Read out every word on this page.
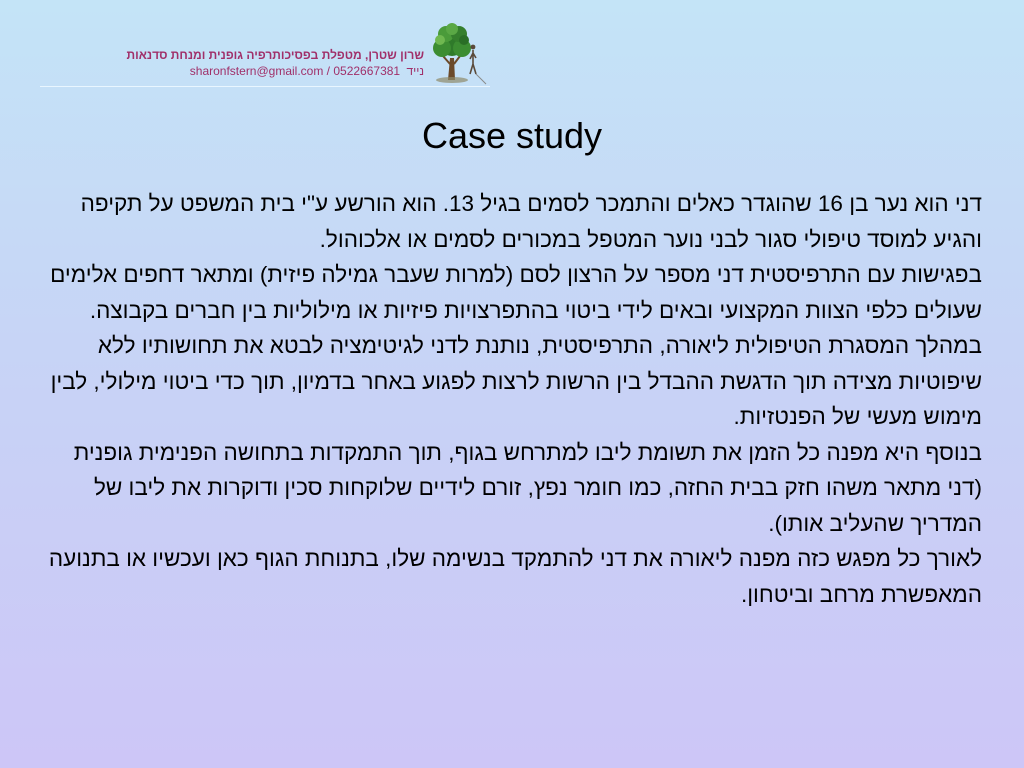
שרון שטרן, מטפלת בפסיכותרפיה גופנית ומנחת סדנאות
נייד sharonfstern@gmail.com / 0522667381
Case study

דני הוא נער בן 16 שהוגדר כאלים והתמכר לסמים בגיל 13. הוא הורשע ע"י בית המשפט על תקיפה והגיע למוסד טיפולי סגור לבני נוער המטפל במכורים לסמים או אלכוהול.

בפגישות עם התרפיסטית דני מספר על הרצון לסם (למרות שעבר גמילה פיזית) ומתאר דחפים אלימים שעולים כלפי הצוות המקצועי ובאים לידי ביטוי בהתפרצויות פיזיות או מילוליות בין חברים בקבוצה.

במהלך המסגרת הטיפולית ליאורה, התרפיסטית, נותנת לדני לגיטימציה לבטא את תחושותיו ללא שיפוטיות מצידה תוך הדגשת ההבדל בין הרשות לרצות לפגוע באחר בדמיון, תוך כדי ביטוי מילולי, לבין מימוש מעשי של הפנטזיות.

בנוסף היא מפנה כל הזמן את תשומת ליבו למתרחש בגוף, תוך התמקדות בתחושה הפנימית גופנית (דני מתאר משהו חזק בבית החזה, כמו חומר נפץ, זורם לידיים שלוקחות סכין ודוקרות את ליבו של המדריך שהעליב אותו).

לאורך כל מפגש כזה מפנה ליאורה את דני להתמקד בנשימה שלו, בתנוחת הגוף כאן ועכשיו או בתנועה המאפשרת מרחב וביטחון.
